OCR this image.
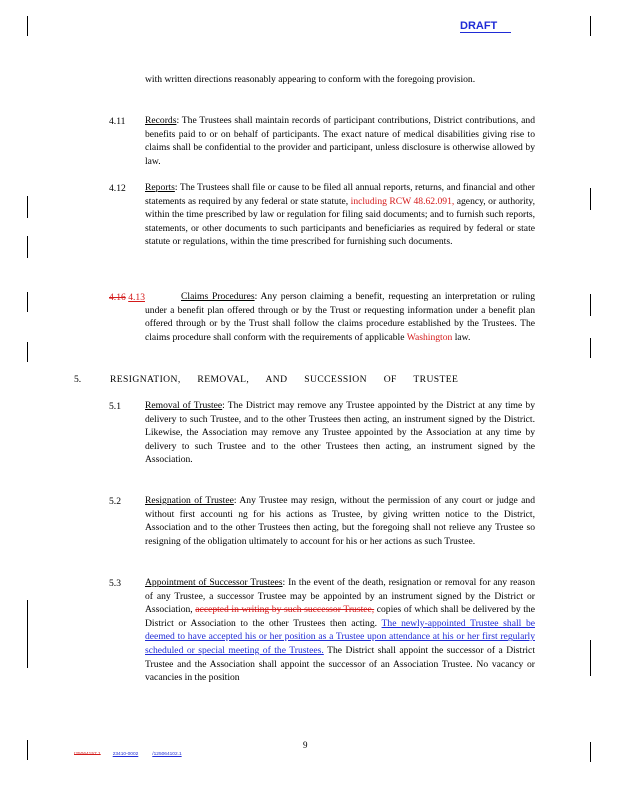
DRAFT
with written directions reasonably appearing to conform with the foregoing provision.
4.11 Records: The Trustees shall maintain records of participant contributions, District contributions, and benefits paid to or on behalf of participants. The exact nature of medical disabilities giving rise to claims shall be confidential to the provider and participant, unless disclosure is otherwise allowed by law.
4.12 Reports: The Trustees shall file or cause to be filed all annual reports, returns, and financial and other statements as required by any federal or state statute, including RCW 48.62.091, agency, or authority, within the time prescribed by law or regulation for filing said documents; and to furnish such reports, statements, or other documents to such participants and beneficiaries as required by federal or state statute or regulations, within the time prescribed for furnishing such documents.
4.16 4.13	Claims Procedures: Any person claiming a benefit, requesting an interpretation or ruling under a benefit plan offered through or by the Trust or requesting information under a benefit plan offered through or by the Trust shall follow the claims procedure established by the Trustees. The claims procedure shall conform with the requirements of applicable Washington law.
5.	RESIGNATION, REMOVAL, AND SUCCESSION OF TRUSTEE
5.1	Removal of Trustee: The District may remove any Trustee appointed by the District at any time by delivery to such Trustee, and to the other Trustees then acting, an instrument signed by the District. Likewise, the Association may remove any Trustee appointed by the Association at any time by delivery to such Trustee and to the other Trustees then acting, an instrument signed by the Association.
5.2	Resignation of Trustee: Any Trustee may resign, without the permission of any court or judge and without first accounti ng for his actions as Trustee, by giving written notice to the District, Association and to the other Trustees then acting, but the foregoing shall not relieve any Trustee so resigning of the obligation ultimately to account for his or her actions as such Trustee.
5.3	Appointment of Successor Trustees: In the event of the death, resignation or removal for any reason of any Trustee, a successor Trustee may be appointed by an instrument signed by the District or Association, accepted in writing by such successor Trustee, copies of which shall be delivered by the District or Association to the other Trustees then acting. The newly-appointed Trustee shall be deemed to have accepted his or her position as a Trustee upon attendance at his or her first regularly scheduled or special meeting of the Trustees. The District shall appoint the successor of a District Trustee and the Association shall appoint the successor of an Association Trustee. No vacancy or vacancies in the position
9
I25064157.1	23410-0002	/125064102.1
